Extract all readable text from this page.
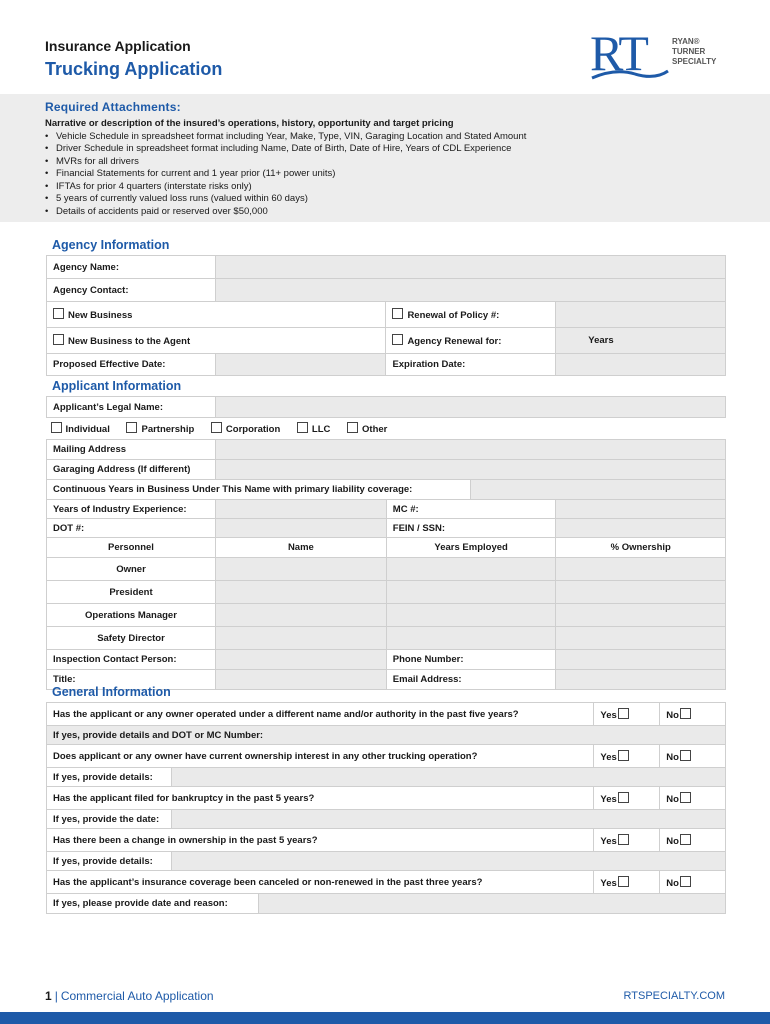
Insurance Application
Trucking Application	RT	RYAN®
TURNER
SPECIALTY
Required Attachments:
Narrative or description of the insured’s operations, history, opportunity and target pricing
• Vehicle Schedule in spreadsheet format including Year, Make, Type, VIN, Garaging Location and Stated Amount
• Driver Schedule in spreadsheet format including Name, Date of Birth, Date of Hire, Years of CDL Experience
• MVRs for all drivers
• Financial Statements for current and 1 year prior (11+ power units)
• IFTAs for prior 4 quarters (interstate risks only)
• 5 years of currently valued loss runs (valued within 60 days)
• Details of accidents paid or reserved over $50,000
Agency Information
Agency Name:			
Agency Contact:			
New Business		Renewal of Policy #:	
New Business to the Agent		Agency Renewal for:	Years
Proposed Effective Date:		Expiration Date:	
Applicant Information
Applicant’s Legal Name:				
Individual Partnership Corporation LLC Other				
Mailing Address				
Garaging Address (If different)				
Continuous Years in Business Under This Name with primary liability coverage:				
Years of Industry Experience:		MC #:		
DOT #:		FEIN / SSN:		
Personnel	Name	Years Employed		% Ownership
Owner				
President				
Operations Manager				
Safety Director				
Inspection Contact Person:		Phone Number:		
Title:		Email Address:		
General Information
Has the applicant or any owner operated under a different name and/or authority in the past five years?			Yes	No
If yes, provide details and DOT or MC Number:				
Does applicant or any owner have current ownership interest in any other trucking operation?			Yes	No
If yes, provide details:				
Has the applicant filed for bankruptcy in the past 5 years?			Yes	No
If yes, provide the date:				
Has there been a change in ownership in the past 5 years?			Yes	No
If yes, provide details:				
Has the applicant’s insurance coverage been canceled or non-renewed in the past three years?			Yes	No
If yes, please provide date and reason:				
1 | Commercial Auto Application	RTSPECIALTY.COM
